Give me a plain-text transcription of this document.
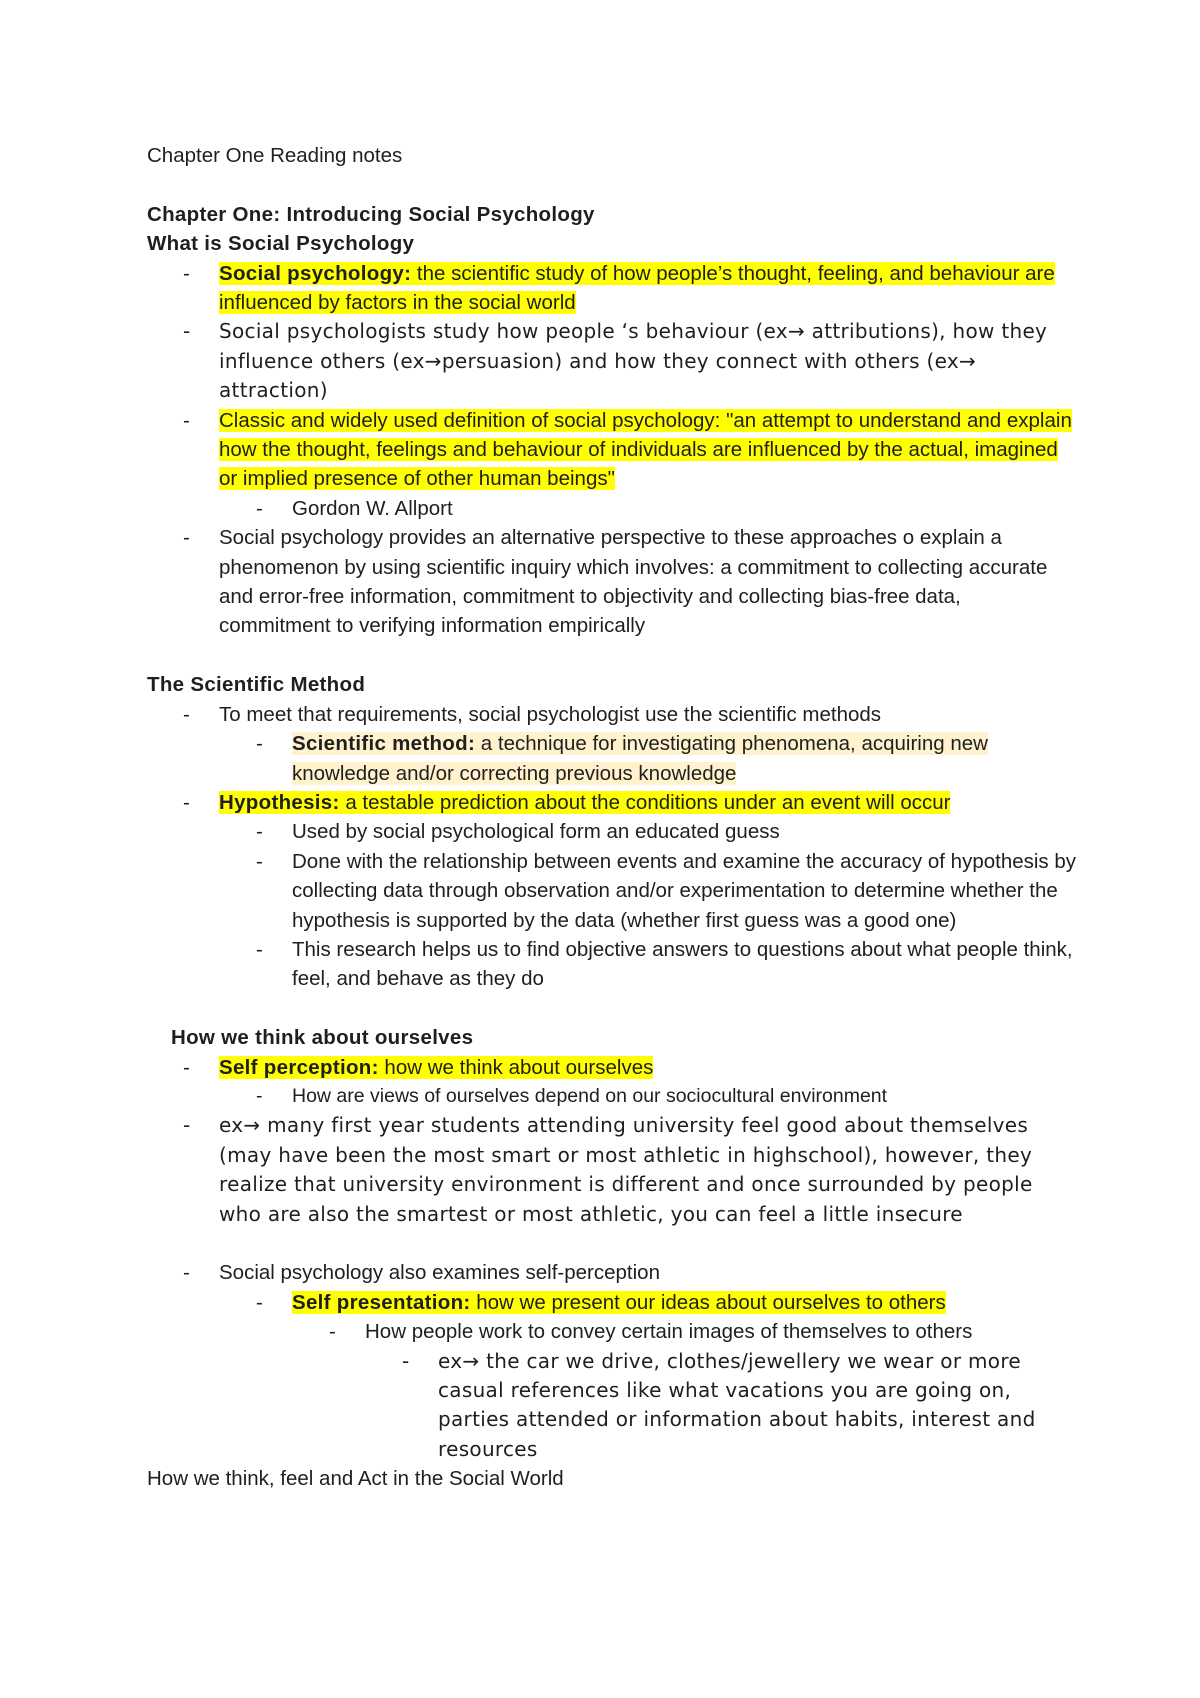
Chapter One Reading notes

Chapter One: Introducing Social Psychology

What is Social Psychology

- Social psychology: the scientific study of how people’s thought, feeling, and behaviour are influenced by factors in the social world
- Social psychologists study how people ‘s behaviour (ex→ attributions), how they influence others (ex→persuasion) and how they connect with others (ex→ attraction)
- Classic and widely used definition of social psychology: "an attempt to understand and explain how the thought, feelings and behaviour of individuals are influenced by the actual, imagined or implied presence of other human beings"
- Gordon W. Allport
- Social psychology provides an alternative perspective to these approaches o explain a phenomenon by using scientific inquiry which involves: a commitment to collecting accurate and error-free information, commitment to objectivity and collecting bias-free data, commitment to verifying information empirically

The Scientific Method

- To meet that requirements, social psychologist use the scientific methods
- Scientific method: a technique for investigating phenomena, acquiring new knowledge and/or correcting previous knowledge
- Hypothesis: a testable prediction about the conditions under an event will occur
- Used by social psychological form an educated guess
- Done with the relationship between events and examine the accuracy of hypothesis by collecting data through observation and/or experimentation to determine whether the hypothesis is supported by the data (whether first guess was a good one)
- This research helps us to find objective answers to questions about what people think, feel, and behave as they do

How we think about ourselves

- Self perception: how we think about ourselves
- How are views of ourselves depend on our sociocultural environment
- ex→ many first year students attending university feel good about themselves (may have been the most smart or most athletic in highschool), however, they realize that university environment is different and once surrounded by people who are also the smartest or most athletic, you can feel a little insecure
- Social psychology also examines self-perception
- Self presentation: how we present our ideas about ourselves to others
- How people work to convey certain images of themselves to others
- ex→ the car we drive, clothes/jewellery we wear or more casual references like what vacations you are going on, parties attended or information about habits, interest and resources

How we think, feel and Act in the Social World
